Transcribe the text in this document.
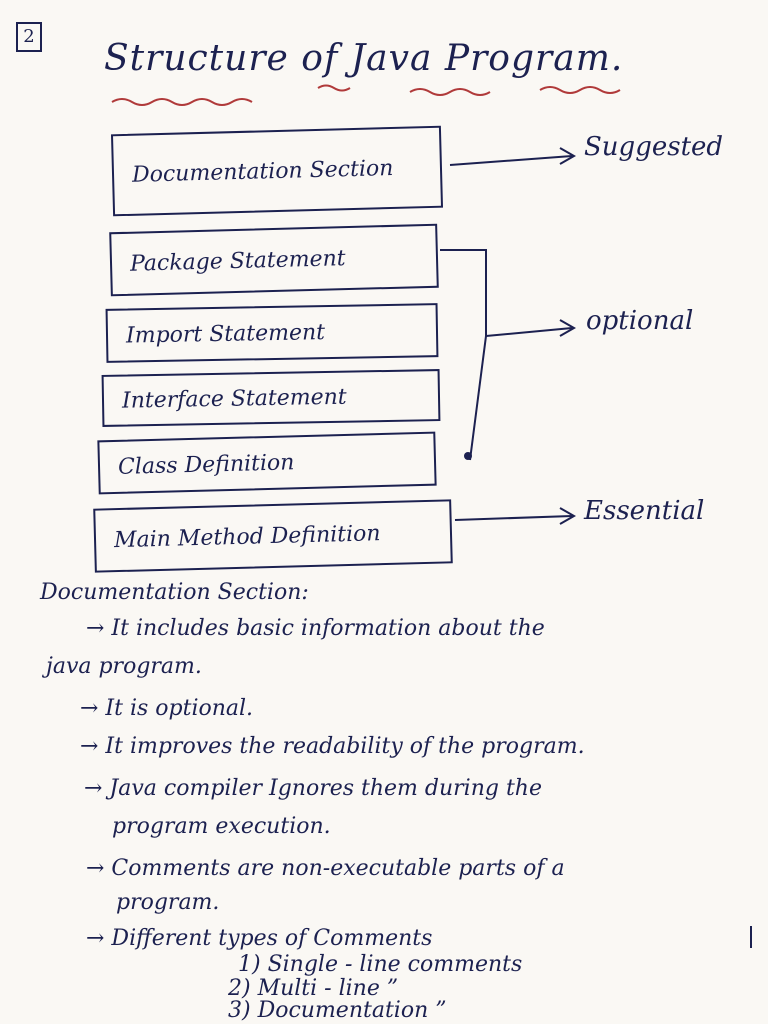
2
Structure of Java Program.
Documentation Section
Package Statement
Import Statement
Interface Statement
Class Definition
Main Method Definition
Suggested
optional
Essential
Documentation Section:
→ It includes basic information about the
java program.
→ It is optional.
→ It improves the readability of the program.
→ Java compiler Ignores them during the
program execution.
→ Comments are non-executable parts of a
program.
→ Different types of Comments
1) Single - line comments
2) Multi - line ”
3) Documentation ”
